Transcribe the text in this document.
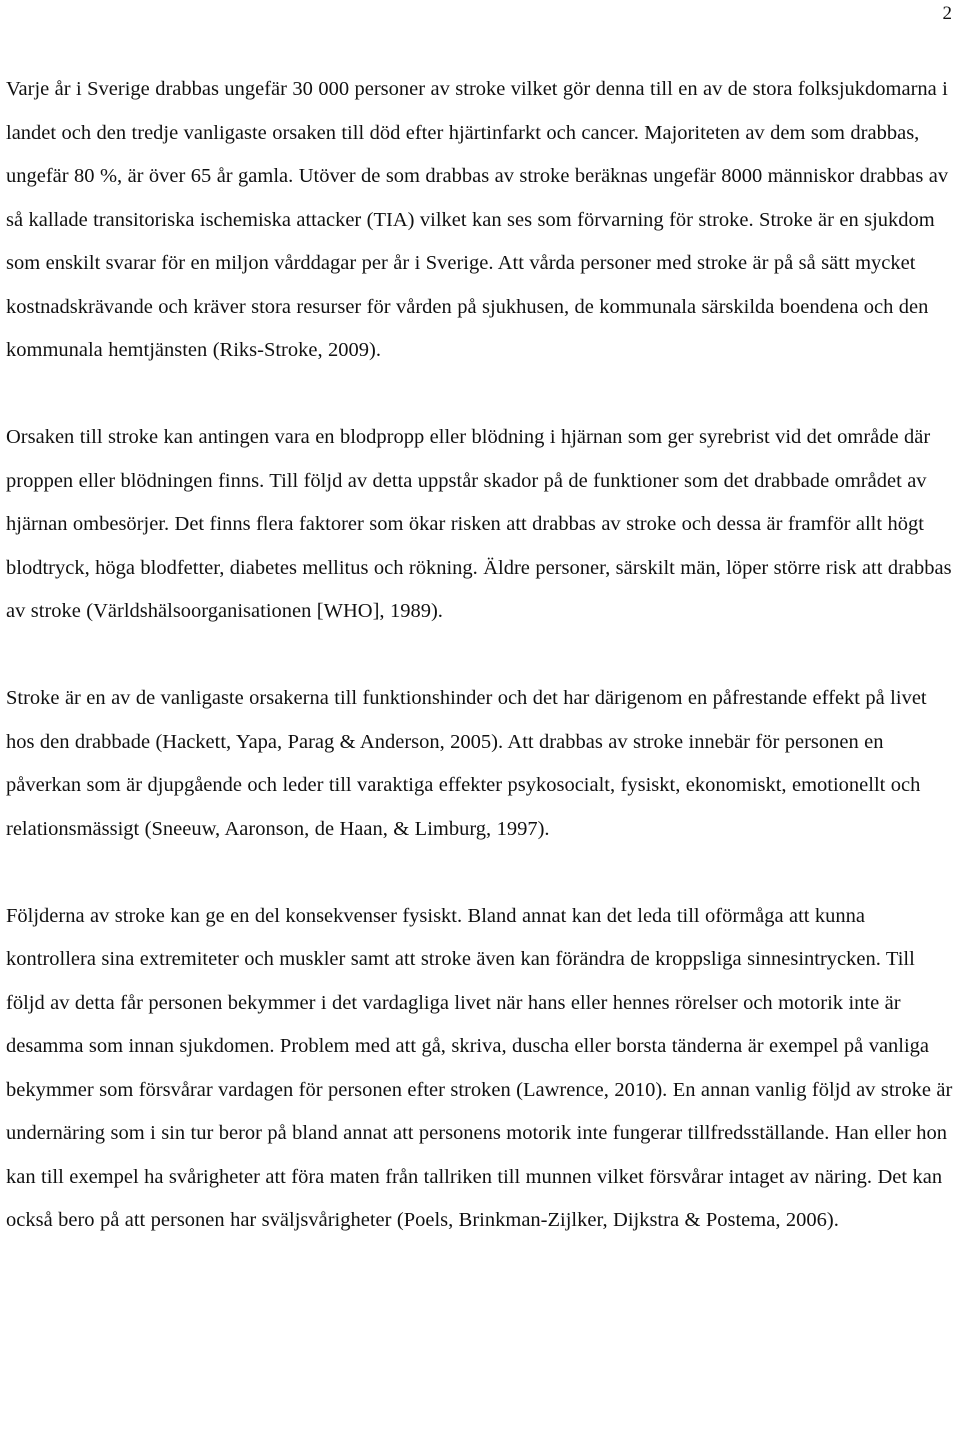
2

Varje år i Sverige drabbas ungefär 30 000 personer av stroke vilket gör denna till en av de stora folksjukdomarna i landet och den tredje vanligaste orsaken till död efter hjärtinfarkt och cancer. Majoriteten av dem som drabbas, ungefär 80 %, är över 65 år gamla. Utöver de som drabbas av stroke beräknas ungefär 8000 människor drabbas av så kallade transitoriska ischemiska attacker (TIA) vilket kan ses som förvarning för stroke. Stroke är en sjukdom som enskilt svarar för en miljon vårddagar per år i Sverige. Att vårda personer med stroke är på så sätt mycket kostnadskrävande och kräver stora resurser för vården på sjukhusen, de kommunala särskilda boendena och den kommunala hemtjänsten (Riks-Stroke, 2009).

Orsaken till stroke kan antingen vara en blodpropp eller blödning i hjärnan som ger syrebrist vid det område där proppen eller blödningen finns. Till följd av detta uppstår skador på de funktioner som det drabbade området av hjärnan ombesörjer. Det finns flera faktorer som ökar risken att drabbas av stroke och dessa är framför allt högt blodtryck, höga blodfetter, diabetes mellitus och rökning. Äldre personer, särskilt män, löper större risk att drabbas av stroke (Världshälsoorganisationen [WHO], 1989).

Stroke är en av de vanligaste orsakerna till funktionshinder och det har därigenom en påfrestande effekt på livet hos den drabbade (Hackett, Yapa, Parag & Anderson, 2005). Att drabbas av stroke innebär för personen en påverkan som är djupgående och leder till varaktiga effekter psykosocialt, fysiskt, ekonomiskt, emotionellt och relationsmässigt (Sneeuw, Aaronson, de Haan, & Limburg, 1997).

Följderna av stroke kan ge en del konsekvenser fysiskt. Bland annat kan det leda till oförmåga att kunna kontrollera sina extremiteter och muskler samt att stroke även kan förändra de kroppsliga sinnesintrycken. Till följd av detta får personen bekymmer i det vardagliga livet när hans eller hennes rörelser och motorik inte är desamma som innan sjukdomen. Problem med att gå, skriva, duscha eller borsta tänderna är exempel på vanliga bekymmer som försvårar vardagen för personen efter stroken (Lawrence, 2010). En annan vanlig följd av stroke är undernäring som i sin tur beror på bland annat att personens motorik inte fungerar tillfredsställande. Han eller hon kan till exempel ha svårigheter att föra maten från tallriken till munnen vilket försvårar intaget av näring. Det kan också bero på att personen har sväljsvårigheter (Poels, Brinkman-Zijlker, Dijkstra & Postema, 2006).
